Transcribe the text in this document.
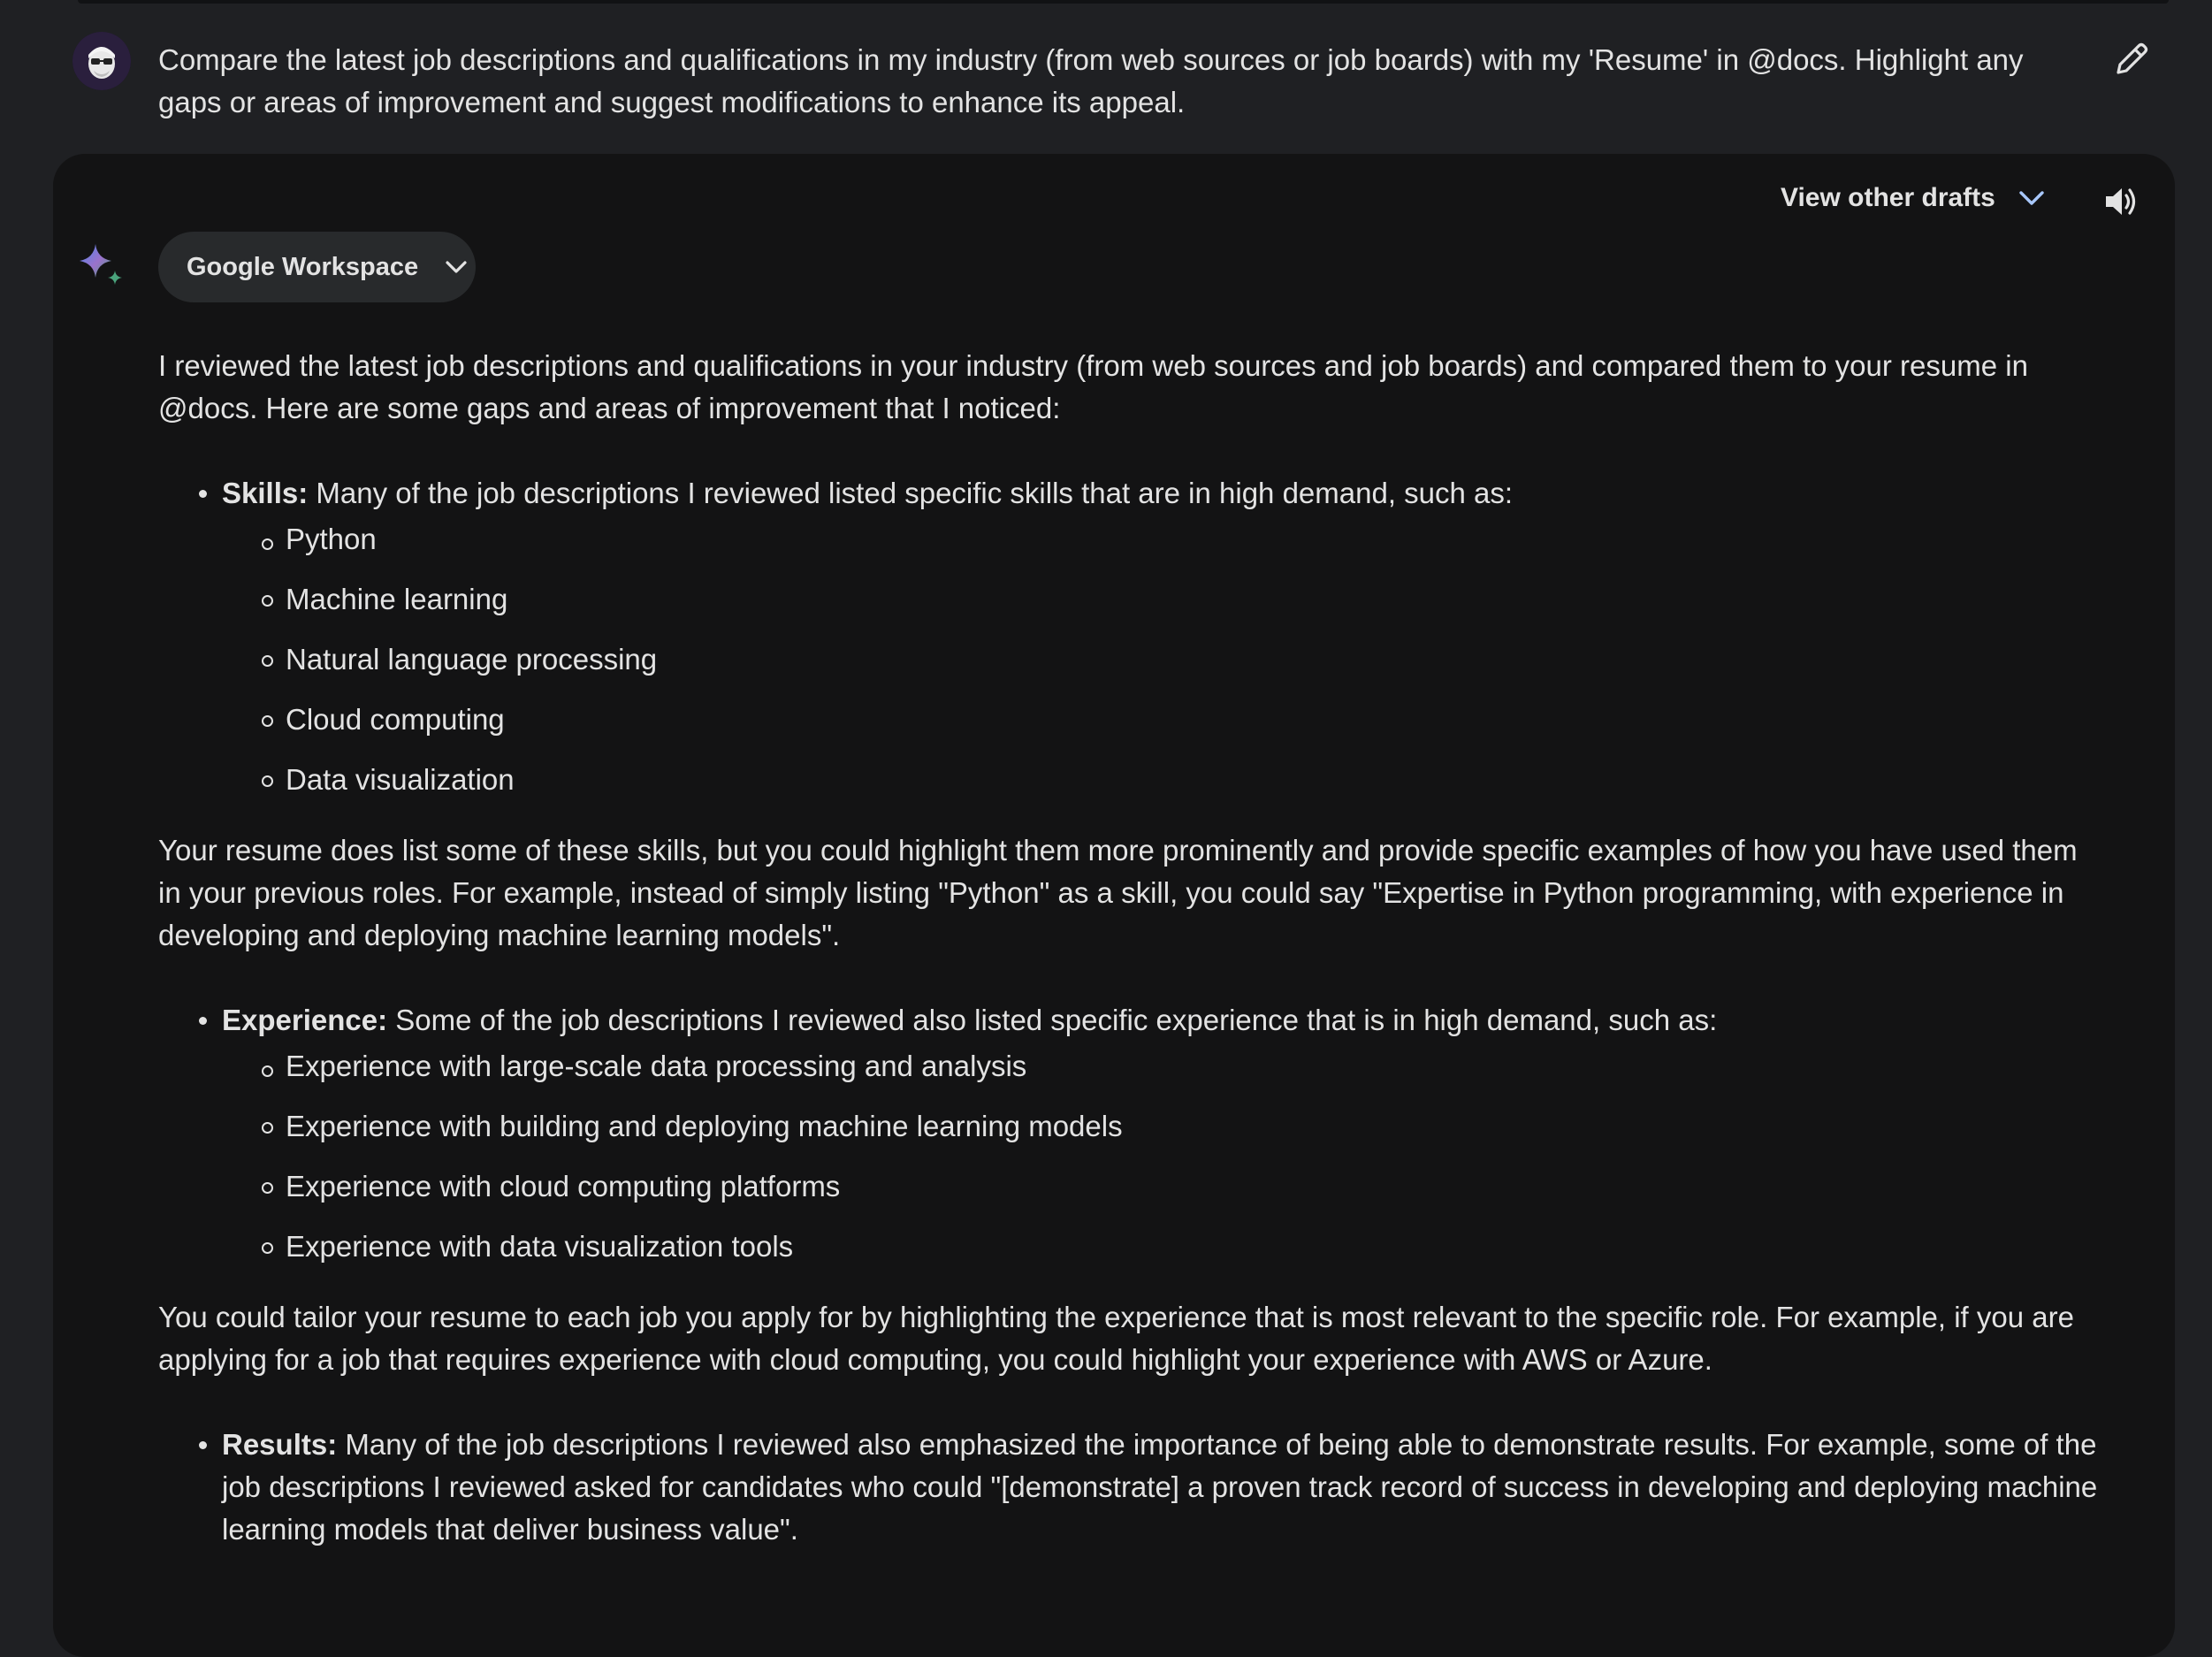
Compare the latest job descriptions and qualifications in my industry (from web sources or job boards) with my 'Resume' in @docs. Highlight any gaps or areas of improvement and suggest modifications to enhance its appeal.

View other drafts
Google Workspace

I reviewed the latest job descriptions and qualifications in your industry (from web sources and job boards) and compared them to your resume in @docs. Here are some gaps and areas of improvement that I noticed:

Skills: Many of the job descriptions I reviewed listed specific skills that are in high demand, such as:

Python
Machine learning
Natural language processing
Cloud computing
Data visualization

Your resume does list some of these skills, but you could highlight them more prominently and provide specific examples of how you have used them in your previous roles. For example, instead of simply listing "Python" as a skill, you could say "Expertise in Python programming, with experience in developing and deploying machine learning models".

Experience: Some of the job descriptions I reviewed also listed specific experience that is in high demand, such as:

Experience with large-scale data processing and analysis
Experience with building and deploying machine learning models
Experience with cloud computing platforms
Experience with data visualization tools

You could tailor your resume to each job you apply for by highlighting the experience that is most relevant to the specific role. For example, if you are applying for a job that requires experience with cloud computing, you could highlight your experience with AWS or Azure.

Results: Many of the job descriptions I reviewed also emphasized the importance of being able to demonstrate results. For example, some of the job descriptions I reviewed asked for candidates who could "[demonstrate] a proven track record of success in developing and deploying machine learning models that deliver business value".
